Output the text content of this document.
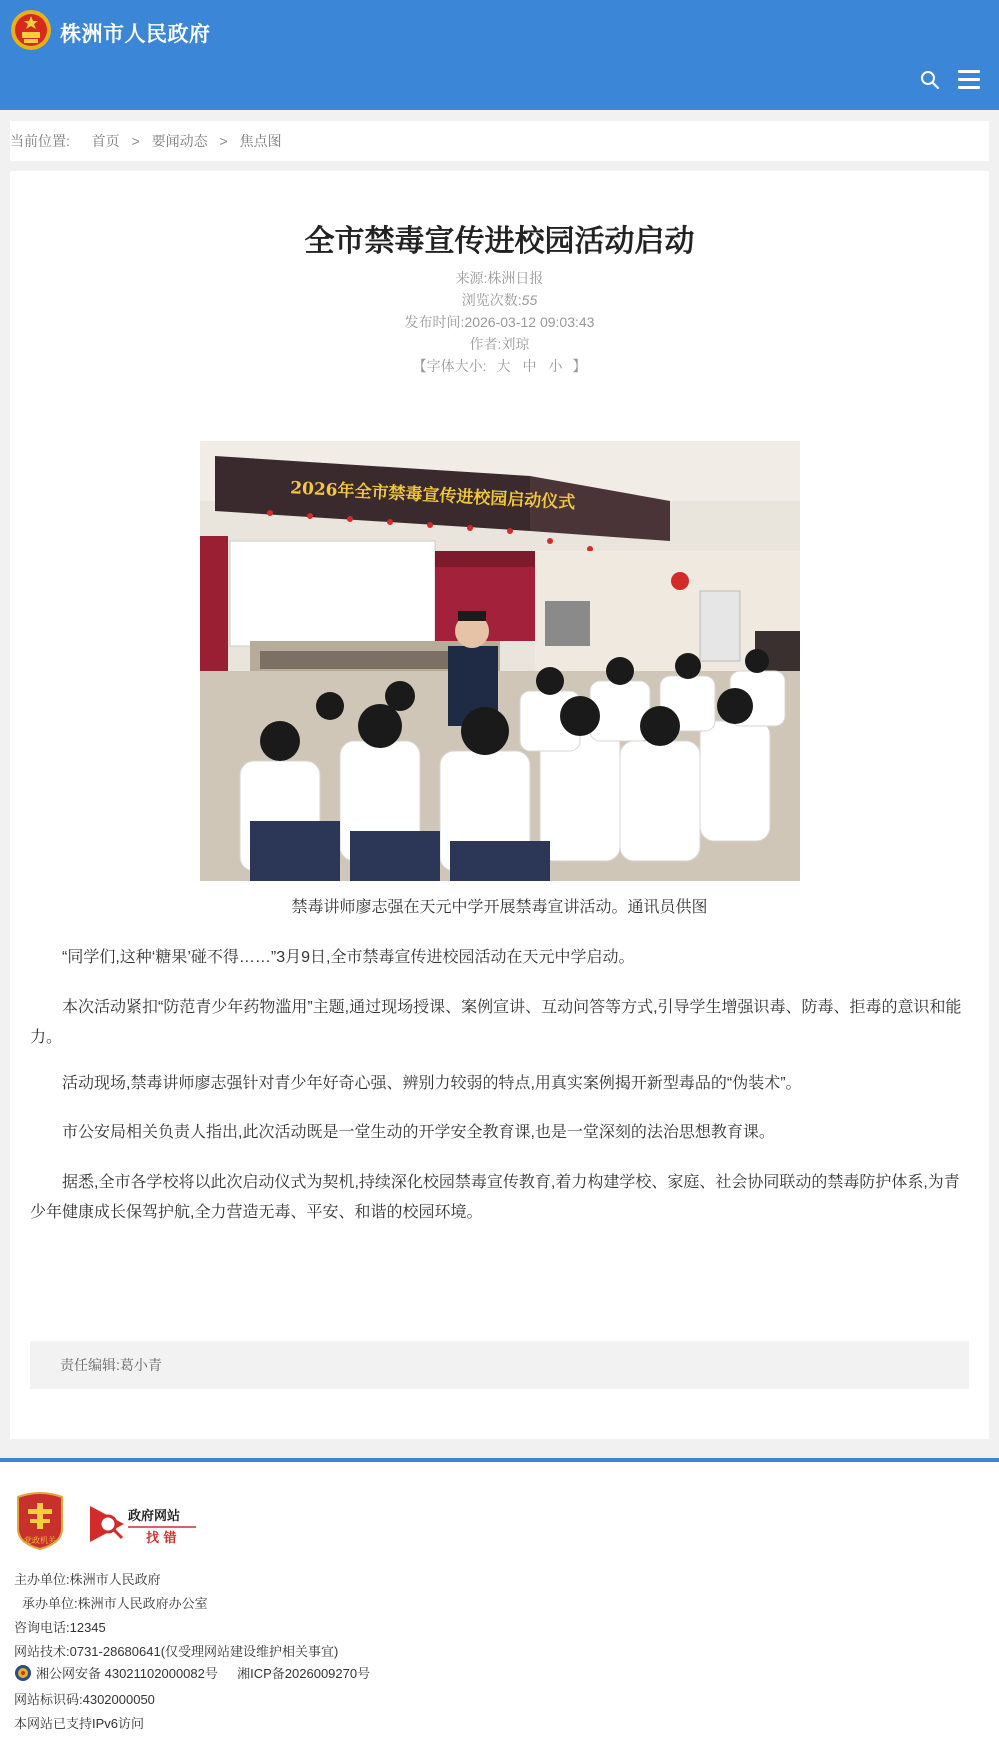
株洲市人民政府
当前位置: 首页 > 要闻动态 > 焦点图
全市禁毒宣传进校园活动启动
来源:株洲日报
浏览次数:55
发布时间:2026-03-12 09:03:43
作者:刘琼
【字体大小: 大 中 小 】
2026年全市禁毒宣传进校园启动仪式
禁毒讲师廖志强在天元中学开展禁毒宣讲活动。通讯员供图
“同学们,这种‘糖果’碰不得……”3月9日,全市禁毒宣传进校园活动在天元中学启动。
本次活动紧扣“防范青少年药物滥用”主题,通过现场授课、案例宣讲、互动问答等方式,引导学生增强识毒、防毒、拒毒的意识和能力。
活动现场,禁毒讲师廖志强针对青少年好奇心强、辨别力较弱的特点,用真实案例揭开新型毒品的“伪装术”。
市公安局相关负责人指出,此次活动既是一堂生动的开学安全教育课,也是一堂深刻的法治思想教育课。
据悉,全市各学校将以此次启动仪式为契机,持续深化校园禁毒宣传教育,着力构建学校、家庭、社会协同联动的禁毒防护体系,为青少年健康成长保驾护航,全力营造无毒、平安、和谐的校园环境。
责任编辑:葛小青
党政机关
政府网站
找 错
主办单位:株洲市人民政府
承办单位:株洲市人民政府办公室
咨询电话:12345
网站技术:0731-28680641(仅受理网站建设维护相关事宜)
湘公网安备 43021102000082号 湘ICP备2026009270号
网站标识码:4302000050
本网站已支持IPv6访问
